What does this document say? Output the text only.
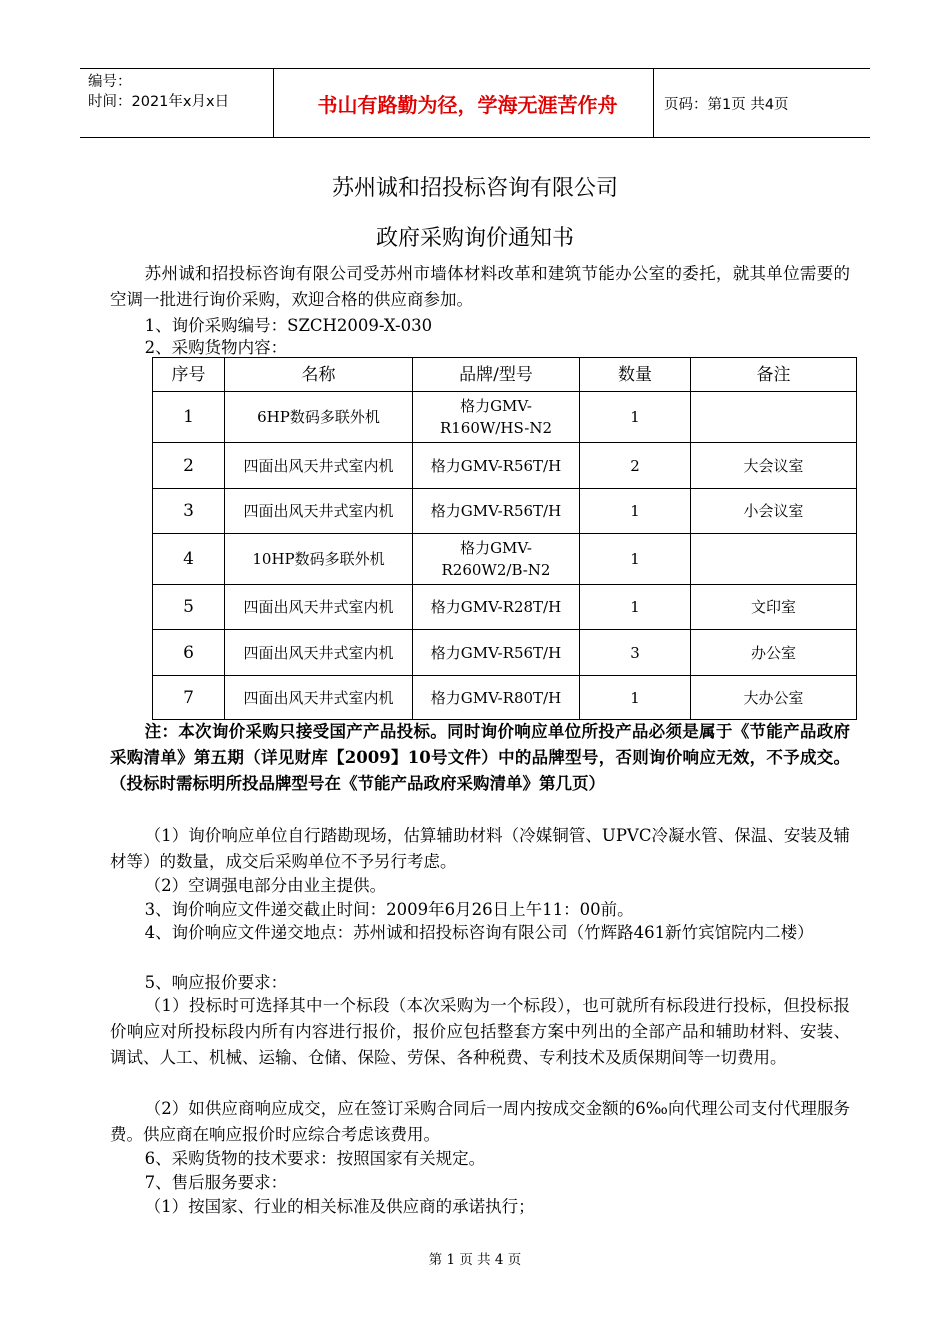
编号：
时间：2021年x月x日	书山有路勤为径，学海无涯苦作舟	页码：第1页 共4页
苏州诚和招投标咨询有限公司
政府采购询价通知书
苏州诚和招投标咨询有限公司受苏州市墙体材料改革和建筑节能办公室的委托，就其单位需要的空调一批进行询价采购，欢迎合格的供应商参加。
1、询价采购编号：SZCH2009-X-030
2、采购货物内容：
序号	名称	品牌/型号	数量	备注
1	6HP数码多联外机	格力GMV-R160W/HS-N2	1	
2	四面出风天井式室内机	格力GMV-R56T/H	2	大会议室
3	四面出风天井式室内机	格力GMV-R56T/H	1	小会议室
4	10HP数码多联外机	格力GMV-R260W2/B-N2	1	
5	四面出风天井式室内机	格力GMV-R28T/H	1	文印室
6	四面出风天井式室内机	格力GMV-R56T/H	3	办公室
7	四面出风天井式室内机	格力GMV-R80T/H	1	大办公室
注：本次询价采购只接受国产产品投标。同时询价响应单位所投产品必须是属于《节能产品政府采购清单》第五期（详见财库【2009】10号文件）中的品牌型号，否则询价响应无效，不予成交。（投标时需标明所投品牌型号在《节能产品政府采购清单》第几页）
（1）询价响应单位自行踏勘现场，估算辅助材料（冷媒铜管、UPVC冷凝水管、保温、安装及辅材等）的数量，成交后采购单位不予另行考虑。
（2）空调强电部分由业主提供。
3、询价响应文件递交截止时间：2009年6月26日上午11：00前。
4、询价响应文件递交地点：苏州诚和招投标咨询有限公司（竹辉路461新竹宾馆院内二楼）
5、响应报价要求：
（1）投标时可选择其中一个标段（本次采购为一个标段），也可就所有标段进行投标，但投标报价响应对所投标段内所有内容进行报价，报价应包括整套方案中列出的全部产品和辅助材料、安装、调试、人工、机械、运输、仓储、保险、劳保、各种税费、专利技术及质保期间等一切费用。
（2）如供应商响应成交，应在签订采购合同后一周内按成交金额的6‰向代理公司支付代理服务费。供应商在响应报价时应综合考虑该费用。
6、采购货物的技术要求：按照国家有关规定。
7、售后服务要求：
（1）按国家、行业的相关标准及供应商的承诺执行；
第 1 页 共 4 页
